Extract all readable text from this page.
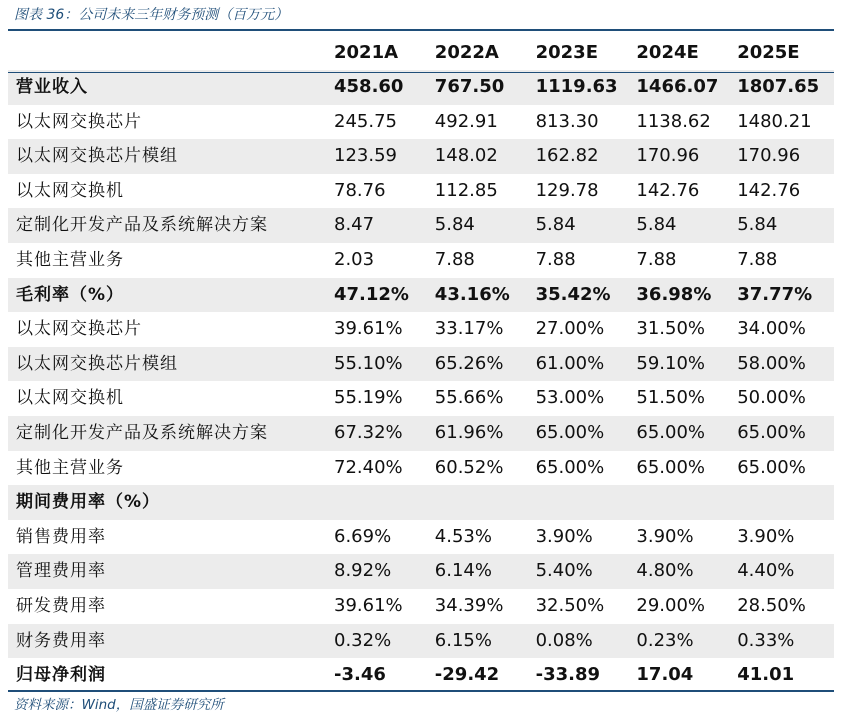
图表 36：公司未来三年财务预测（百万元）
	2021A	2022A	2023E	2024E	2025E
营业收入	458.60	767.50	1119.63	1466.07	1807.65
以太网交换芯片	245.75	492.91	813.30	1138.62	1480.21
以太网交换芯片模组	123.59	148.02	162.82	170.96	170.96
以太网交换机	78.76	112.85	129.78	142.76	142.76
定制化开发产品及系统解决方案	8.47	5.84	5.84	5.84	5.84
其他主营业务	2.03	7.88	7.88	7.88	7.88
毛利率（%）	47.12%	43.16%	35.42%	36.98%	37.77%
以太网交换芯片	39.61%	33.17%	27.00%	31.50%	34.00%
以太网交换芯片模组	55.10%	65.26%	61.00%	59.10%	58.00%
以太网交换机	55.19%	55.66%	53.00%	51.50%	50.00%
定制化开发产品及系统解决方案	67.32%	61.96%	65.00%	65.00%	65.00%
其他主营业务	72.40%	60.52%	65.00%	65.00%	65.00%
期间费用率（%）					
销售费用率	6.69%	4.53%	3.90%	3.90%	3.90%
管理费用率	8.92%	6.14%	5.40%	4.80%	4.40%
研发费用率	39.61%	34.39%	32.50%	29.00%	28.50%
财务费用率	0.32%	6.15%	0.08%	0.23%	0.33%
归母净利润	-3.46	-29.42	-33.89	17.04	41.01
资料来源：Wind，国盛证券研究所
